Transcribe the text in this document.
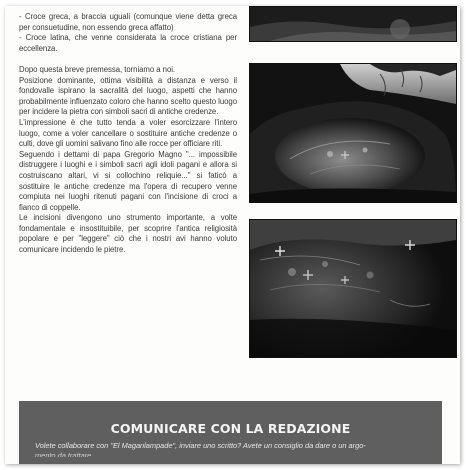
- Croce greca, a braccia uguali (comunque viene detta greca per consuetudine, non essendo greca affatto)

- Croce latina, che venne considerata la croce cristiana per eccellenza.

Dopo questa breve premessa, torniamo a noi.

Posizione dominante, ottima visibilità a distanza e verso il fondovalle ispirano la sacralità del luogo, aspetti che hanno probabilmente influenzato coloro che hanno scelto questo luogo per incidere la pietra con simboli sacri di antiche credenze.

L'impressione è che tutto tenda a voler esorcizzare l'intero luogo, come a voler cancellare o sostituire antiche credenze o culti, dove gli uomini salivano fino alle rocce per officiare riti.

Seguendo i dettami di papa Gregorio Magno "... impossibile distruggere i luoghi e i simboli sacri agli idoli pagani e allora si costruiscano altari, vi si collochino reliquie..." si faticò a sostituire le antiche credenze ma l'opera di recupero venne compiuta nei luoghi ritenuti pagani con l'incisione di croci a fianco di coppelle.

Le incisioni divengono uno strumento importante, a volte fondamentale e insostituibile, per scoprire l'antica religiosità popolare e per "leggere" ciò che i nostri avi hanno voluto comunicare incidendo le pietre.

COMUNICARE CON LA REDAZIONE
Volete collaborare con "El Maganlampade", inviare uno scritto? Avete un consiglio da dare o un argo-
mento da trattare...
